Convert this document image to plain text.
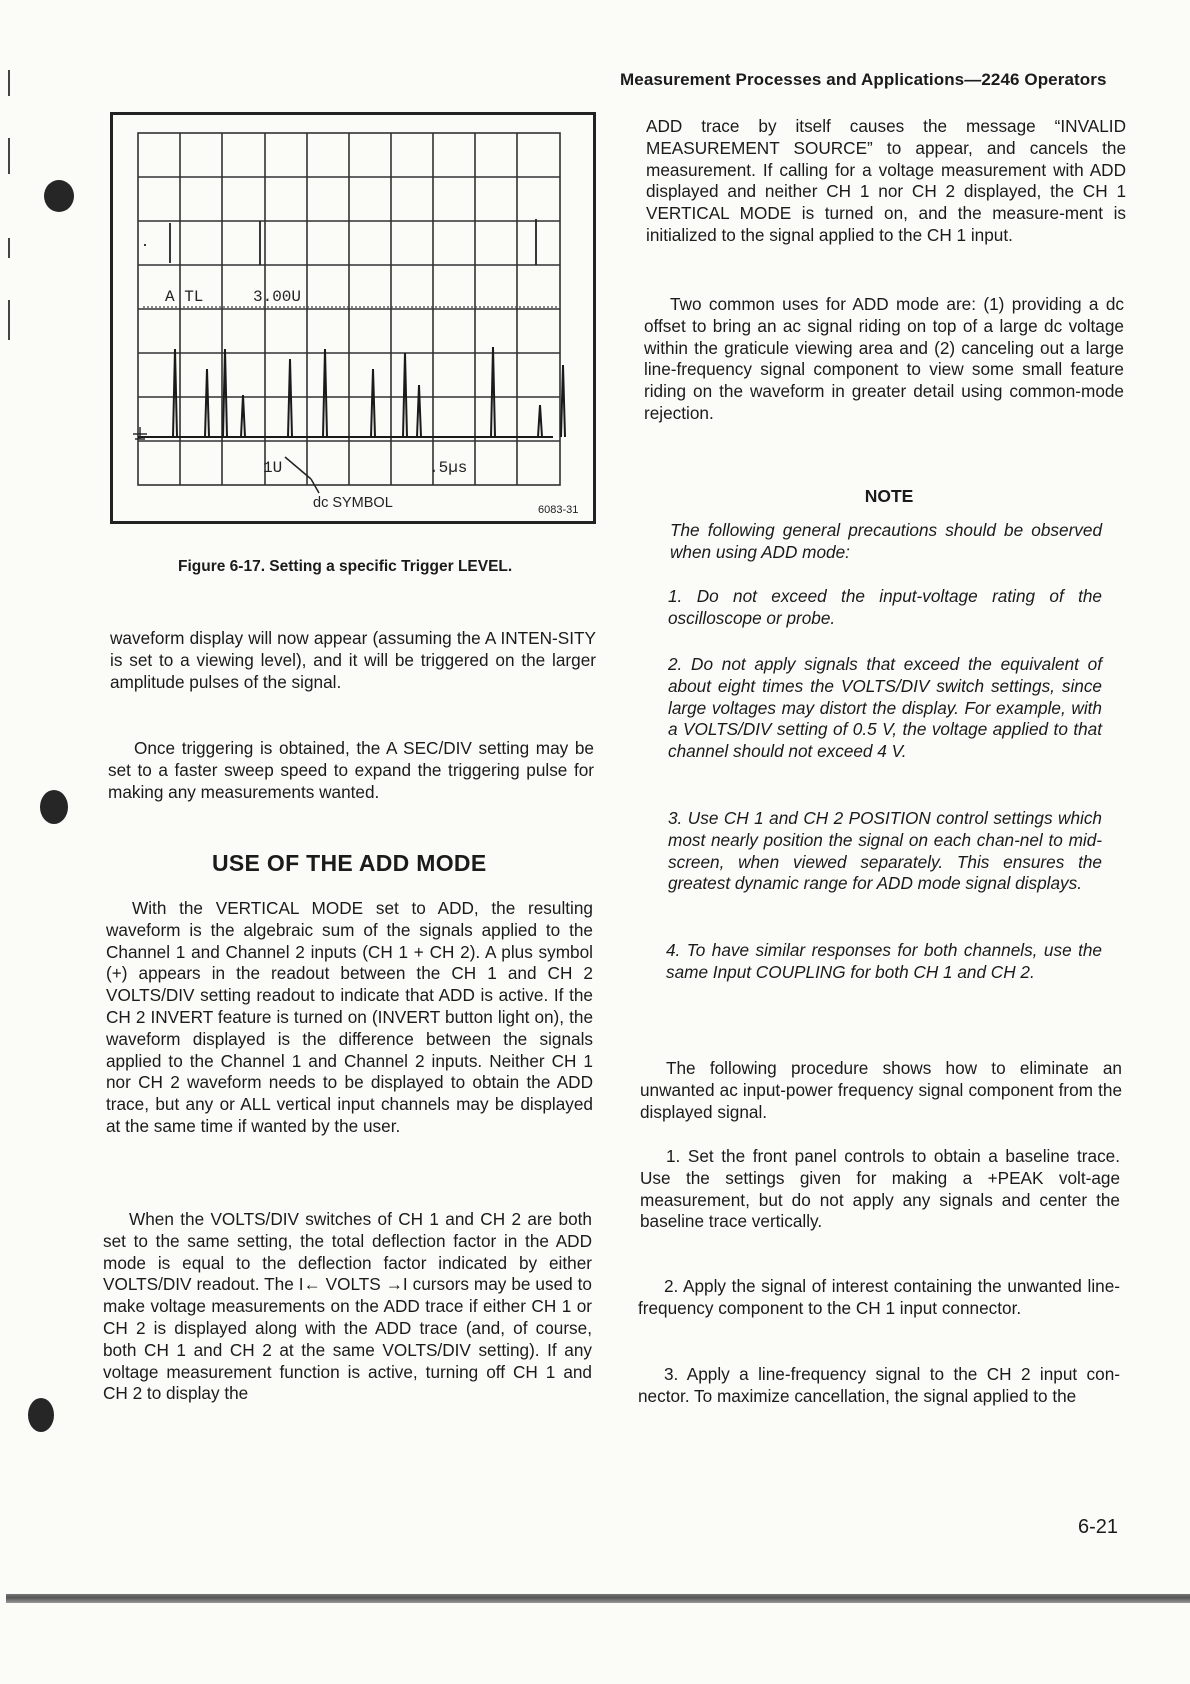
Measurement Processes and Applications—2246 Operators
A TL	3.00U
1U	.5µs
dc SYMBOL	6083-31
Figure 6-17. Setting a specific Trigger LEVEL.

waveform display will now appear (assuming the A INTEN-SITY is set to a viewing level), and it will be triggered on the larger amplitude pulses of the signal.

Once triggering is obtained, the A SEC/DIV setting may be set to a faster sweep speed to expand the triggering pulse for making any measurements wanted.

USE OF THE ADD MODE

With the VERTICAL MODE set to ADD, the resulting waveform is the algebraic sum of the signals applied to the Channel 1 and Channel 2 inputs (CH 1 + CH 2). A plus symbol (+) appears in the readout between the CH 1 and CH 2 VOLTS/DIV setting readout to indicate that ADD is active. If the CH 2 INVERT feature is turned on (INVERT button light on), the waveform displayed is the difference between the signals applied to the Channel 1 and Channel 2 inputs. Neither CH 1 nor CH 2 waveform needs to be displayed to obtain the ADD trace, but any or ALL vertical input channels may be displayed at the same time if wanted by the user.

When the VOLTS/DIV switches of CH 1 and CH 2 are both set to the same setting, the total deflection factor in the ADD mode is equal to the deflection factor indicated by either VOLTS/DIV readout. The I← VOLTS →I cursors may be used to make voltage measurements on the ADD trace if either CH 1 or CH 2 is displayed along with the ADD trace (and, of course, both CH 1 and CH 2 at the same VOLTS/DIV setting). If any voltage measurement function is active, turning off CH 1 and CH 2 to display the

ADD trace by itself causes the message “INVALID MEASUREMENT SOURCE” to appear, and cancels the measurement. If calling for a voltage measurement with ADD displayed and neither CH 1 nor CH 2 displayed, the CH 1 VERTICAL MODE is turned on, and the measure-ment is initialized to the signal applied to the CH 1 input.

Two common uses for ADD mode are: (1) providing a dc offset to bring an ac signal riding on top of a large dc voltage within the graticule viewing area and (2) canceling out a large line-frequency signal component to view some small feature riding on the waveform in greater detail using common-mode rejection.

NOTE

The following general precautions should be observed when using ADD mode:

1. Do not exceed the input-voltage rating of the oscilloscope or probe.

2. Do not apply signals that exceed the equivalent of about eight times the VOLTS/DIV switch settings, since large voltages may distort the display. For example, with a VOLTS/DIV setting of 0.5 V, the voltage applied to that channel should not exceed 4 V.

3. Use CH 1 and CH 2 POSITION control settings which most nearly position the signal on each chan-nel to mid-screen, when viewed separately. This ensures the greatest dynamic range for ADD mode signal displays.

4. To have similar responses for both channels, use the same Input COUPLING for both CH 1 and CH 2.

The following procedure shows how to eliminate an unwanted ac input-power frequency signal component from the displayed signal.

1. Set the front panel controls to obtain a baseline trace. Use the settings given for making a +PEAK volt-age measurement, but do not apply any signals and center the baseline trace vertically.

2. Apply the signal of interest containing the unwanted line-frequency component to the CH 1 input connector.

3. Apply a line-frequency signal to the CH 2 input con-nector. To maximize cancellation, the signal applied to the

6-21
